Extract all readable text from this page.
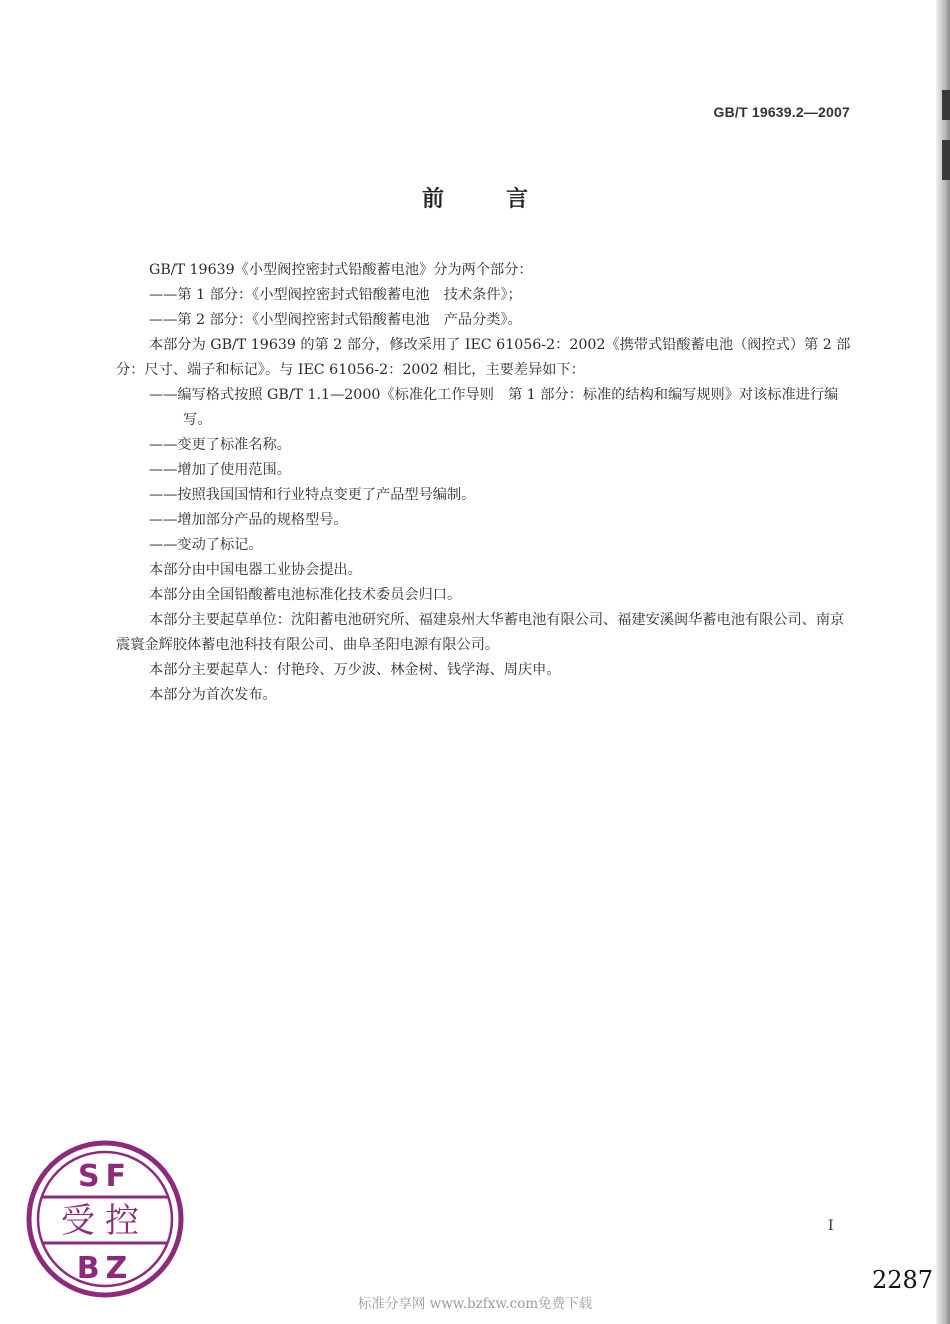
GB/T 19639.2—2007
前言

GB/T 19639《小型阀控密封式铅酸蓄电池》分为两个部分：

——第 1 部分：《小型阀控密封式铅酸蓄电池　技术条件》；

——第 2 部分：《小型阀控密封式铅酸蓄电池　产品分类》。

本部分为 GB/T 19639 的第 2 部分，修改采用了 IEC 61056-2：2002《携带式铅酸蓄电池（阀控式）第 2 部分：尺寸、端子和标记》。与 IEC 61056-2：2002 相比，主要差异如下：

——编写格式按照 GB/T 1.1—2000《标准化工作导则　第 1 部分：标准的结构和编写规则》对该标准进行编写。

——变更了标准名称。

——增加了使用范围。

——按照我国国情和行业特点变更了产品型号编制。

——增加部分产品的规格型号。

——变动了标记。

本部分由中国电器工业协会提出。

本部分由全国铅酸蓄电池标准化技术委员会归口。

本部分主要起草单位：沈阳蓄电池研究所、福建泉州大华蓄电池有限公司、福建安溪闽华蓄电池有限公司、南京震寰金辉胶体蓄电池科技有限公司、曲阜圣阳电源有限公司。

本部分主要起草人：付艳玲、万少波、林金树、钱学海、周庆申。

本部分为首次发布。

SF
受控
BZ
I
2287
标准分享网 www.bzfxw.com免费下载
